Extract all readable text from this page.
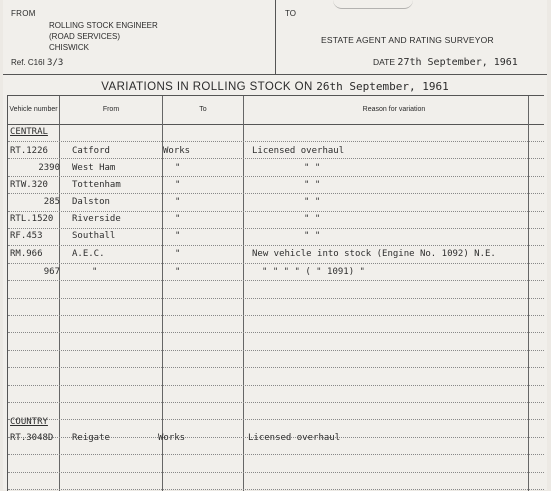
FROM
ROLLING STOCK ENGINEER
(ROAD SERVICES)
CHISWICK
Ref. C16I 3/3
TO
ESTATE AGENT AND RATING SURVEYOR
DATE 27th September, 1961
VARIATIONS IN ROLLING STOCK ON 26th September, 1961
Vehicle number	From	To	Reason for variation
CENTRAL
RT.1226	Catford	Works	Licensed overhaul
2390 West Ham	"	" "
RTW.320	Tottenham	"	" "
285 Dalston	"	" "
RTL.1520 Riverside	"	" "
RF.453	Southall	"	" "
RM.966	A.E.C.	"	New vehicle into stock (Engine No. 1092) N.E.
967	"	"	" " " " ( " 1091) "
COUNTRY
RT.3048D Reigate	Works	Licensed overhaul
